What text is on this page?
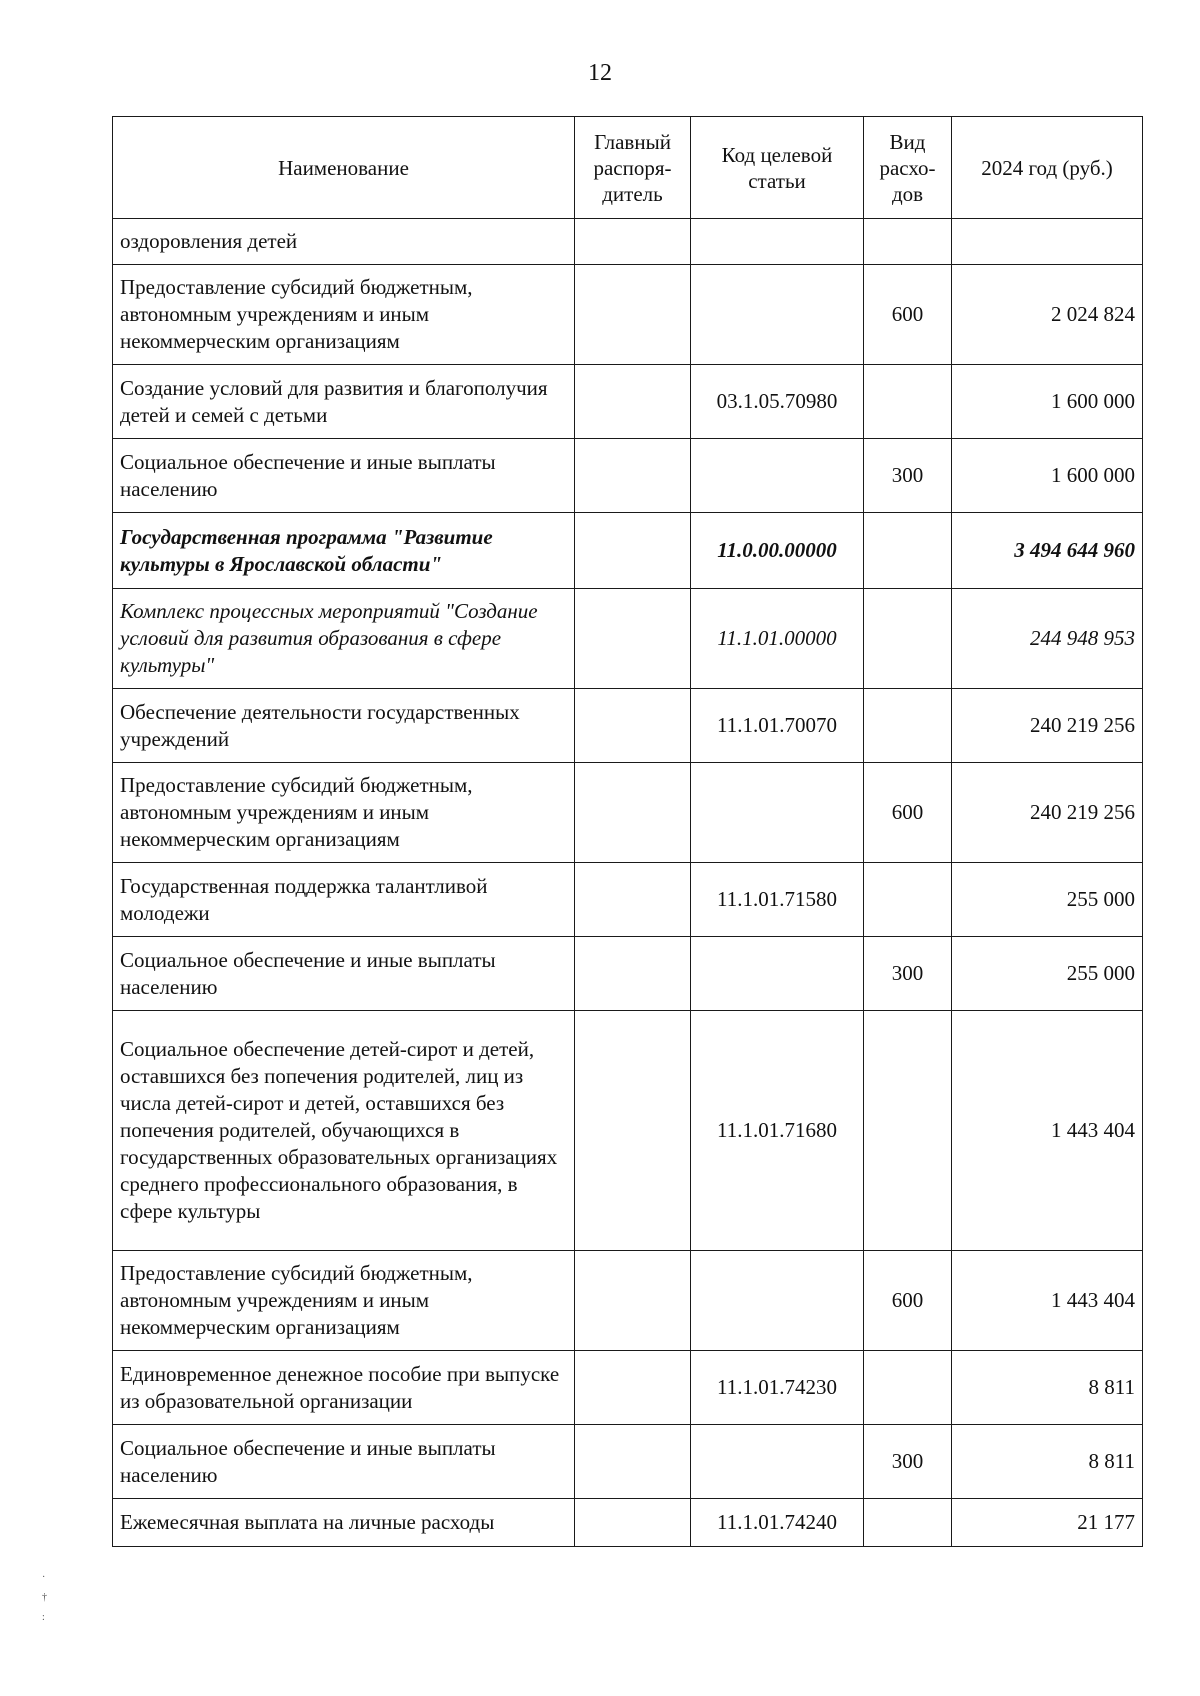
12
Наименование	Главный распоря-дитель	Код целевой статьи	Вид расхо-дов	2024 год (руб.)
оздоровления детей				
Предоставление субсидий бюджетным, автономным учреждениям и иным некоммерческим организациям			600	2 024 824
Создание условий для развития и благополучия детей и семей с детьми		03.1.05.70980		1 600 000
Социальное обеспечение и иные выплаты населению			300	1 600 000
Государственная программа "Развитие культуры в Ярославской области"		11.0.00.00000		3 494 644 960
Комплекс процессных мероприятий "Создание условий для развития образования в сфере культуры"		11.1.01.00000		244 948 953
Обеспечение деятельности государственных учреждений		11.1.01.70070		240 219 256
Предоставление субсидий бюджетным, автономным учреждениям и иным некоммерческим организациям			600	240 219 256
Государственная поддержка талантливой молодежи		11.1.01.71580		255 000
Социальное обеспечение и иные выплаты населению			300	255 000
Социальное обеспечение детей-сирот и детей, оставшихся без попечения родителей, лиц из числа детей-сирот и детей, оставшихся без попечения родителей, обучающихся в государственных образовательных организациях среднего профессионального образования, в сфере культуры		11.1.01.71680		1 443 404
Предоставление субсидий бюджетным, автономным учреждениям и иным некоммерческим организациям			600	1 443 404
Единовременное денежное пособие при выпуске из образовательной организации		11.1.01.74230		8 811
Социальное обеспечение и иные выплаты населению			300	8 811
Ежемесячная выплата на личные расходы		11.1.01.74240		21 177
·
†
:
